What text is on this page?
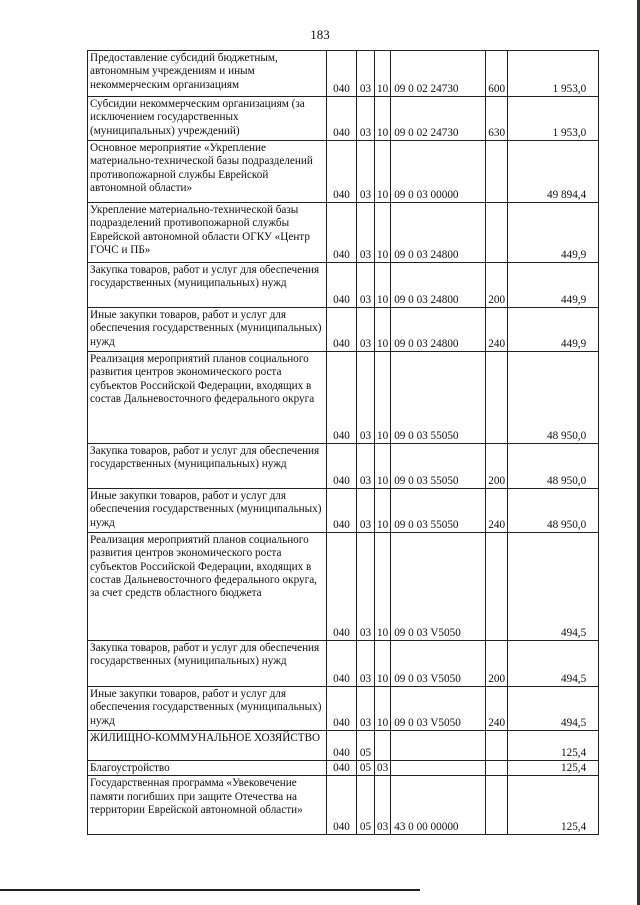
183
Предоставление субсидий бюджетным, автономным учреждениям и иным некоммерческим организациям	040	03	10	09 0 02 24730	600	1 953,0
Субсидии некоммерческим организациям (за исключением государственных (муниципальных) учреждений)	040	03	10	09 0 02 24730	630	1 953,0
Основное мероприятие «Укрепление материально-технической базы подразделений противопожарной службы Еврейской автономной области»	040	03	10	09 0 03 00000		49 894,4
Укрепление материально-технической базы подразделений противопожарной службы Еврейской автономной области ОГКУ «Центр ГОЧС и ПБ»	040	03	10	09 0 03 24800		449,9
Закупка товаров, работ и услуг для обеспечения государственных (муниципальных) нужд	040	03	10	09 0 03 24800	200	449,9
Иные закупки товаров, работ и услуг для обеспечения государственных (муниципальных) нужд	040	03	10	09 0 03 24800	240	449,9
Реализация мероприятий планов социального развития центров экономического роста субъектов Российской Федерации, входящих в состав Дальневосточного федерального округа	040	03	10	09 0 03 55050		48 950,0
Закупка товаров, работ и услуг для обеспечения государственных (муниципальных) нужд	040	03	10	09 0 03 55050	200	48 950,0
Иные закупки товаров, работ и услуг для обеспечения государственных (муниципальных) нужд	040	03	10	09 0 03 55050	240	48 950,0
Реализация мероприятий планов социального развития центров экономического роста субъектов Российской Федерации, входящих в состав Дальневосточного федерального округа, за счет средств областного бюджета	040	03	10	09 0 03 V5050		494,5
Закупка товаров, работ и услуг для обеспечения государственных (муниципальных) нужд	040	03	10	09 0 03 V5050	200	494,5
Иные закупки товаров, работ и услуг для обеспечения государственных (муниципальных) нужд	040	03	10	09 0 03 V5050	240	494,5
ЖИЛИЩНО-КОММУНАЛЬНОЕ ХОЗЯЙСТВО	040	05				125,4
Благоустройство	040	05	03			125,4
Государственная программа «Увековечение памяти погибших при защите Отечества на территории Еврейской автономной области»	040	05	03	43 0 00 00000		125,4
